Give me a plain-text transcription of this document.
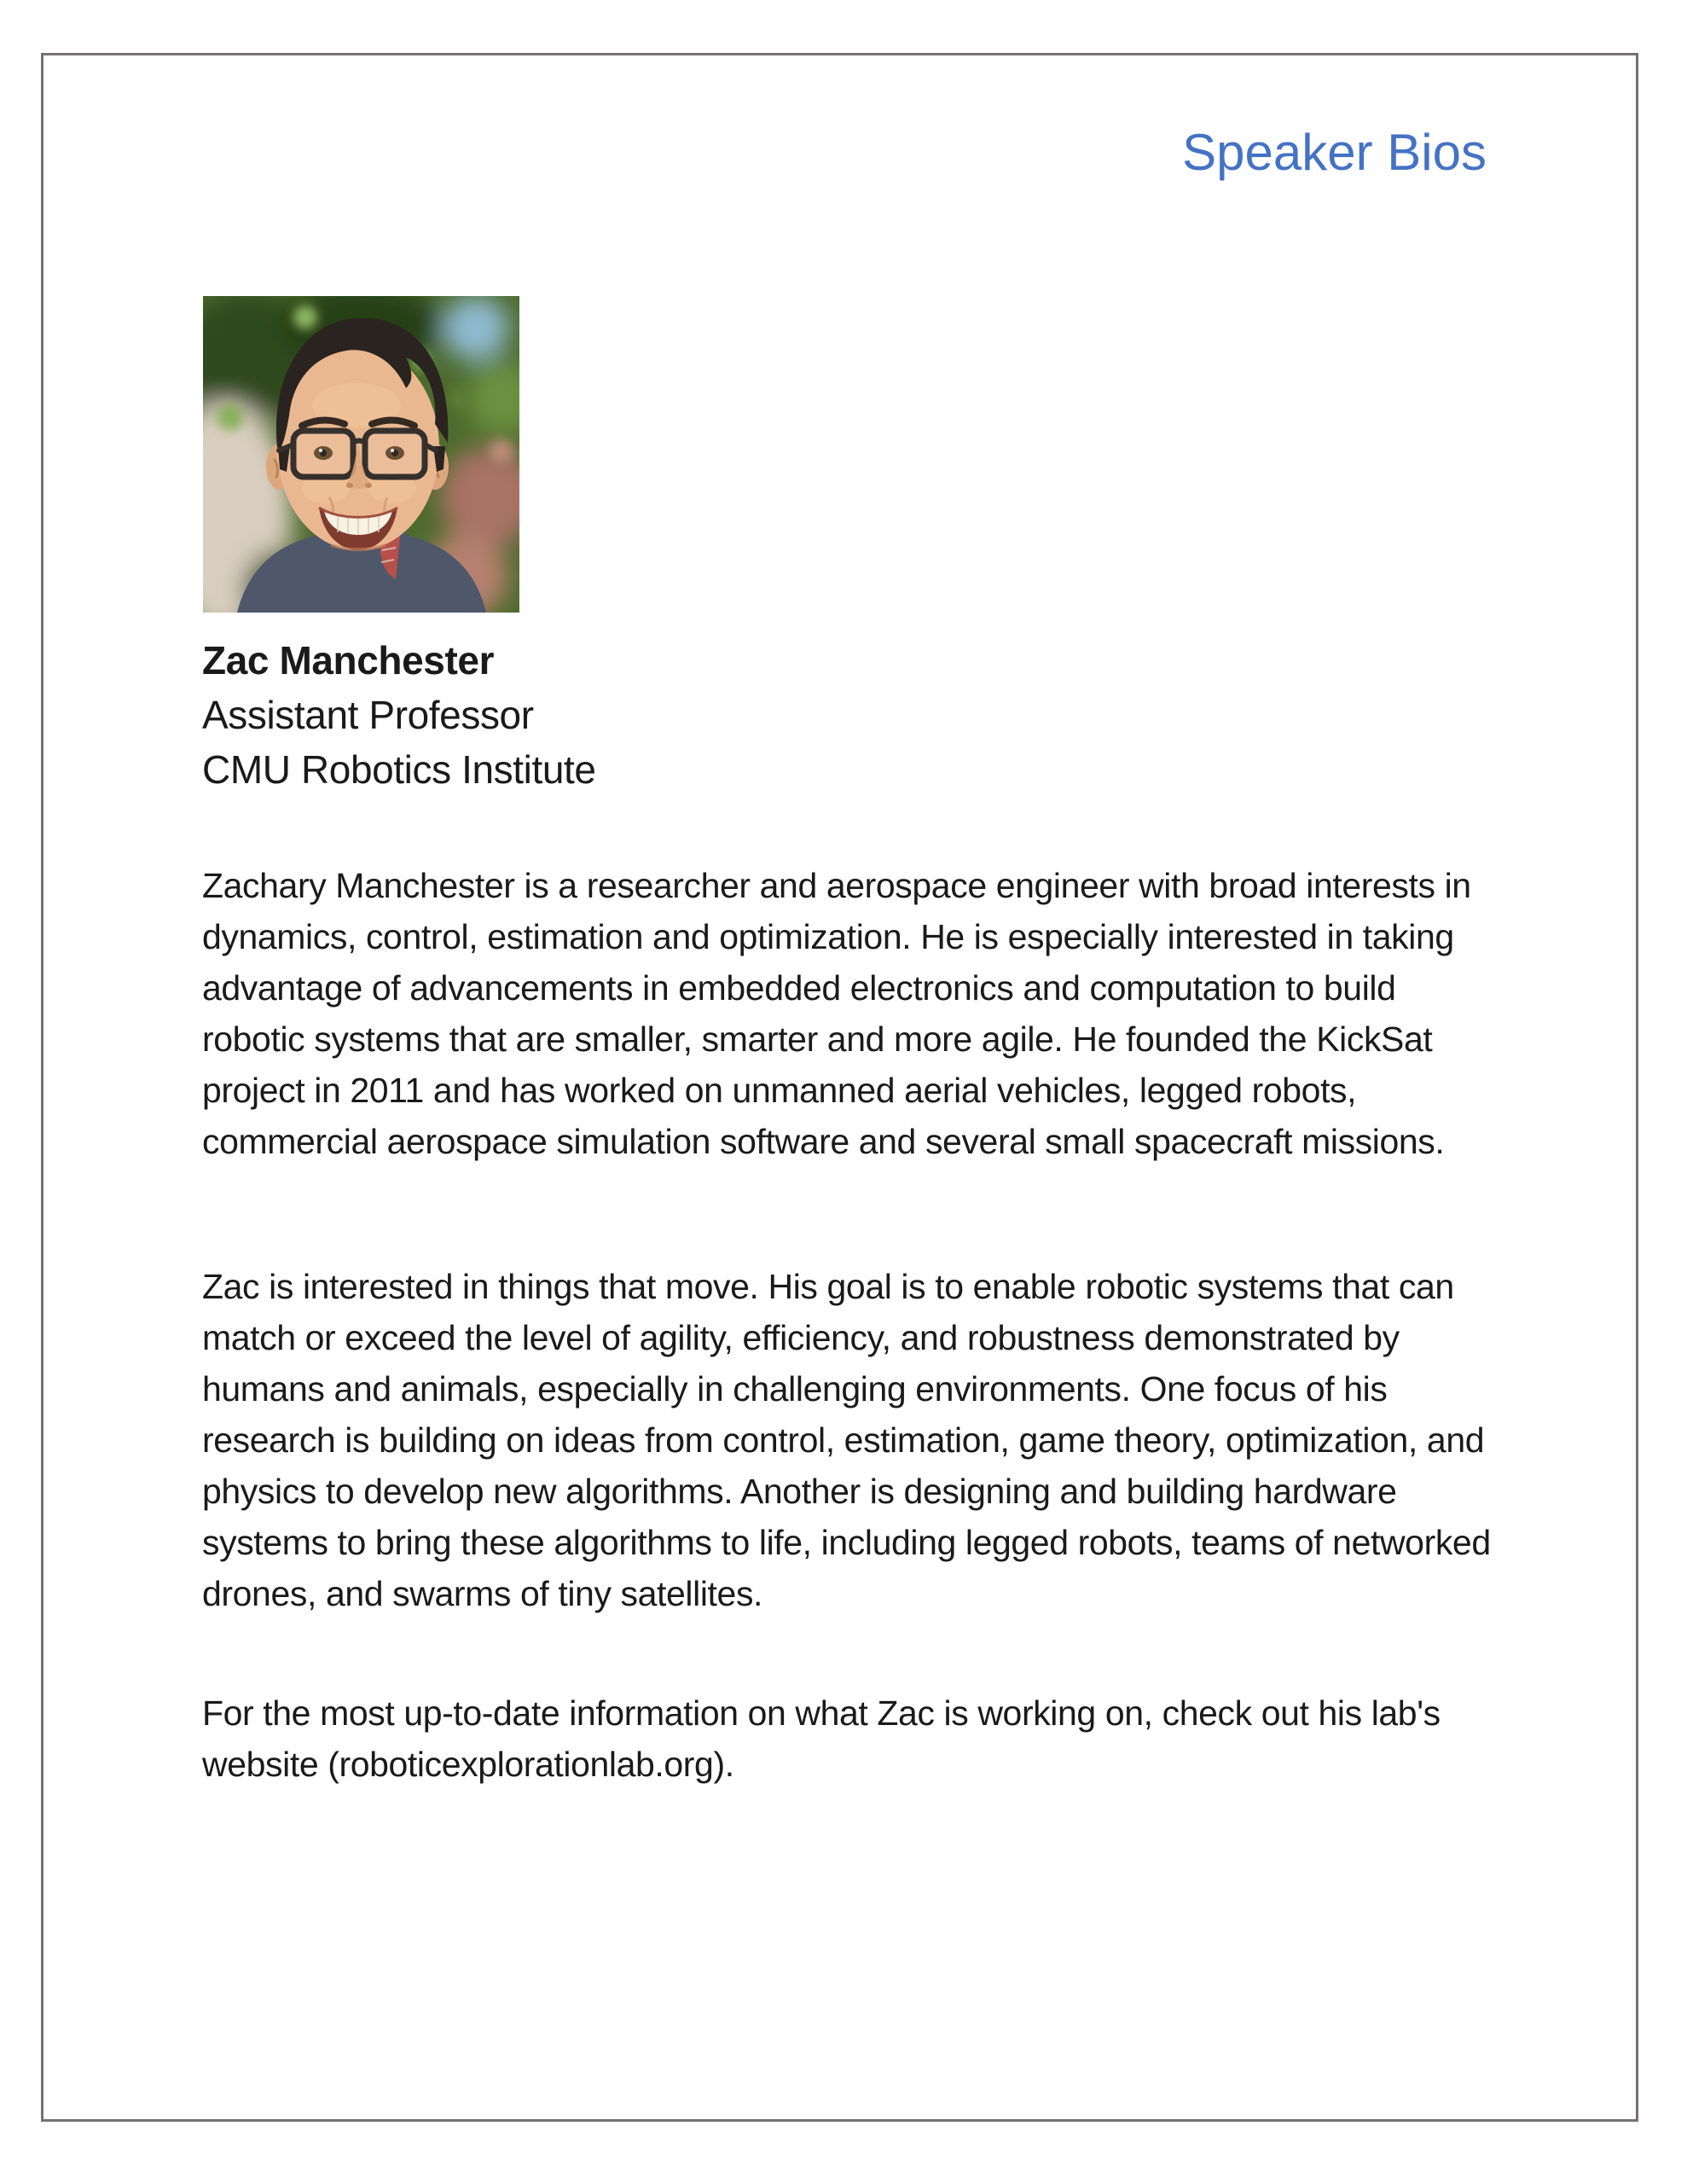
Speaker Bios

Zac Manchester

Assistant Professor

CMU Robotics Institute

Zachary Manchester is a researcher and aerospace engineer with broad interests in dynamics, control, estimation and optimization. He is especially interested in taking advantage of advancements in embedded electronics and computation to build robotic systems that are smaller, smarter and more agile. He founded the KickSat project in 2011 and has worked on unmanned aerial vehicles, legged robots, commercial aerospace simulation software and several small spacecraft missions.

Zac is interested in things that move. His goal is to enable robotic systems that can match or exceed the level of agility, efficiency, and robustness demonstrated by humans and animals, especially in challenging environments. One focus of his research is building on ideas from control, estimation, game theory, optimization, and physics to develop new algorithms. Another is designing and building hardware systems to bring these algorithms to life, including legged robots, teams of networked drones, and swarms of tiny satellites.

For the most up-to-date information on what Zac is working on, check out his lab's website (roboticexplorationlab.org).
